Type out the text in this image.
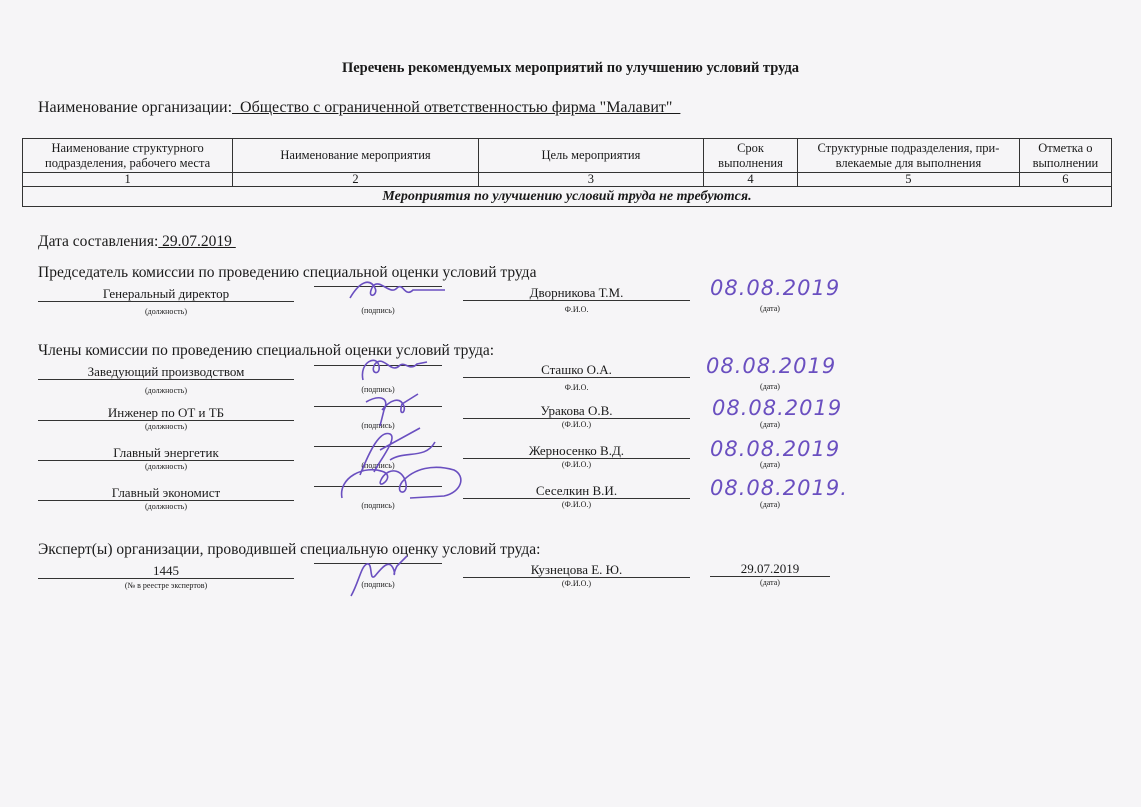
Перечень рекомендуемых мероприятий по улучшению условий труда
Наименование организации:  Общество с ограниченной ответственностью фирма "Малавит"
Наименование структурного подразделения, рабочего места	Наименование мероприятия	Цель мероприятия	Срок выполнения	Структурные подразделения, при-влекаемые для выполнения	Отметка о выполнении
1	2	3	4	5	6
Мероприятия по улучшению условий труда не требуются.					
Дата составления: 29.07.2019
Председатель комиссии по проведению специальной оценки условий труда
Генеральный директор	Дворникова Т.М.	08.08.2019
(должность)	(подпись)	Ф.И.О.	(дата)
Члены комиссии по проведению специальной оценки условий труда:
Заведующий производством	Сташко О.А.	08.08.2019
(должность)	(подпись)	Ф.И.О.	(дата)
Инженер по ОТ и ТБ	Уракова О.В.	08.08.2019
(должность)	(подпись)	(Ф.И.О.)	(дата)
Главный энергетик	Жерносенко В.Д.	08.08.2019
(должность)	(подпись)	(Ф.И.О.)	(дата)
Главный экономист	Сеселкин В.И.	08.08.2019.
(должность)	(подпись)	(Ф.И.О.)	(дата)
Эксперт(ы) организации, проводившей специальную оценку условий труда:
1445	Кузнецова Е. Ю.	29.07.2019
(№ в реестре экспертов)	(подпись)	(Ф.И.О.)	(дата)
